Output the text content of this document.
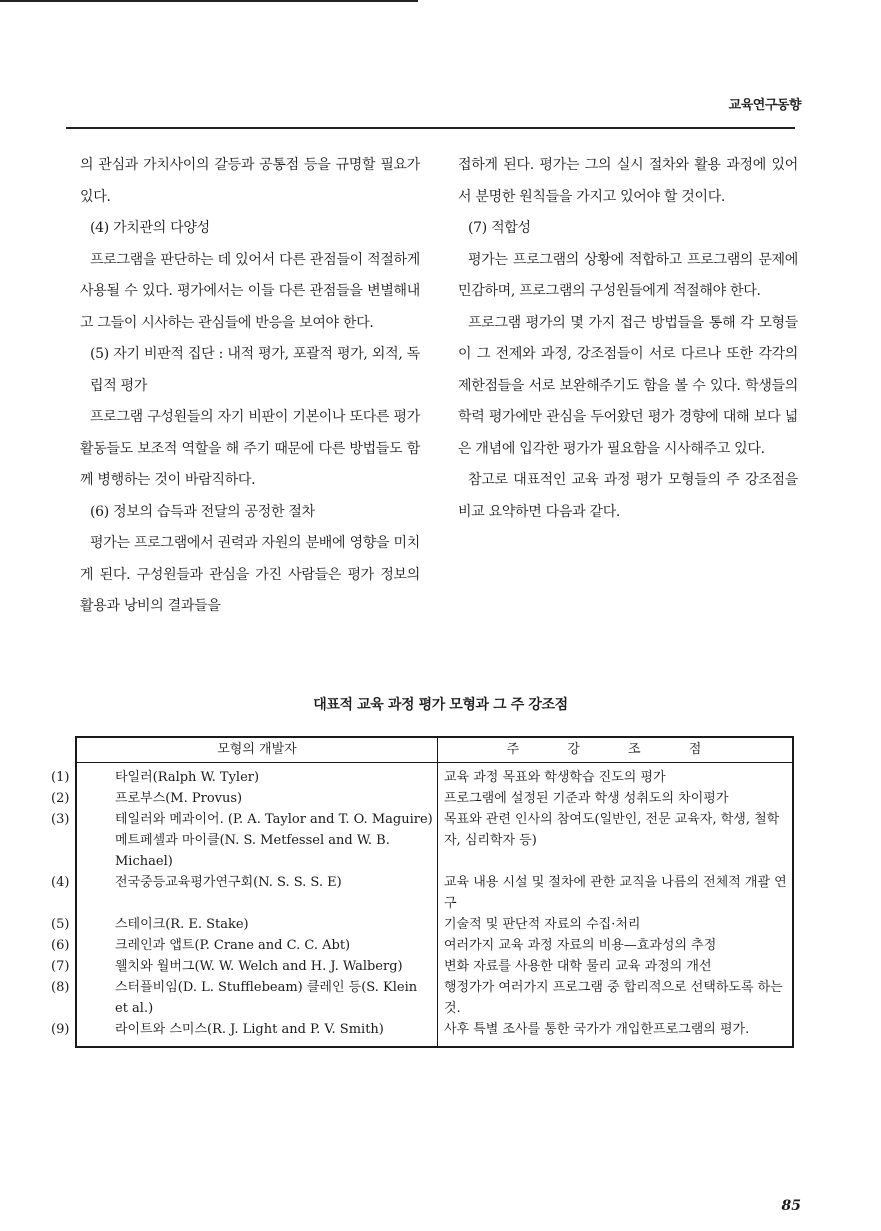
교육연구동향

의 관심과 가치사이의 갈등과 공통점 등을 규명할 필요가 있다.

(4) 가치관의 다양성

프로그램을 판단하는 데 있어서 다른 관점들이 적절하게 사용될 수 있다. 평가에서는 이들 다른 관점들을 변별해내고 그들이 시사하는 관심들에 반응을 보여야 한다.

(5) 자기 비판적 집단 : 내적 평가, 포괄적 평가, 외적, 독립적 평가

프로그램 구성원들의 자기 비판이 기본이나 또다른 평가 활동들도 보조적 역할을 해 주기 때문에 다른 방법들도 함께 병행하는 것이 바람직하다.

(6) 정보의 습득과 전달의 공정한 절차

평가는 프로그램에서 권력과 자원의 분배에 영향을 미치게 된다. 구성원들과 관심을 가진 사람들은 평가 정보의 활용과 낭비의 결과들을

접하게 된다. 평가는 그의 실시 절차와 활용 과정에 있어서 분명한 원칙들을 가지고 있어야 할 것이다.

(7) 적합성

평가는 프로그램의 상황에 적합하고 프로그램의 문제에 민감하며, 프로그램의 구성원들에게 적절해야 한다.

프로그램 평가의 몇 가지 접근 방법들을 통해 각 모형들이 그 전제와 과정, 강조점들이 서로 다르나 또한 각각의 제한점들을 서로 보완해주기도 함을 볼 수 있다. 학생들의 학력 평가에만 관심을 두어왔던 평가 경향에 대해 보다 넓은 개념에 입각한 평가가 필요함을 시사해주고 있다.

참고로 대표적인 교육 과정 평가 모형들의 주 강조점을 비교 요약하면 다음과 같다.

대표적 교육 과정 평가 모형과 그 주 강조점
모형의 개발자	주 강 조 점

(1) 타일러(Ralph W. Tyler)	교육 과정 목표와 학생학습 진도의 평가

(2) 프로부스(M. Provus)	프로그램에 설정된 기준과 학생 성취도의 차이평가

(3) 테일러와 메과이어. (P. A. Taylor and T. O. Maguire)메트페셀과 마이클(N. S. Metfessel and W. B. Michael)	목표와 관련 인사의 참여도(일반인, 전문 교육자, 학생, 철학자, 심리학자 등)

(4) 전국중등교육평가연구회(N. S. S. S. E)	교육 내용 시설 및 절차에 관한 교직을 나름의 전체적 개괄 연구

(5) 스테이크(R. E. Stake)	기술적 및 판단적 자료의 수집·처리

(6) 크레인과 앱트(P. Crane and C. C. Abt)	여러가지 교육 과정 자료의 비용—효과성의 추정

(7) 웰치와 월버그(W. W. Welch and H. J. Walberg)	변화 자료를 사용한 대학 물리 교육 과정의 개선

(8) 스터플비임(D. L. Stufflebeam) 클레인 등(S. Klein et al.)	행정가가 여러가지 프로그램 중 합리적으로 선택하도록 하는 것.

(9) 라이트와 스미스(R. J. Light and P. V. Smith)	사후 특별 조사를 통한 국가가 개입한프로그램의 평가.
85
